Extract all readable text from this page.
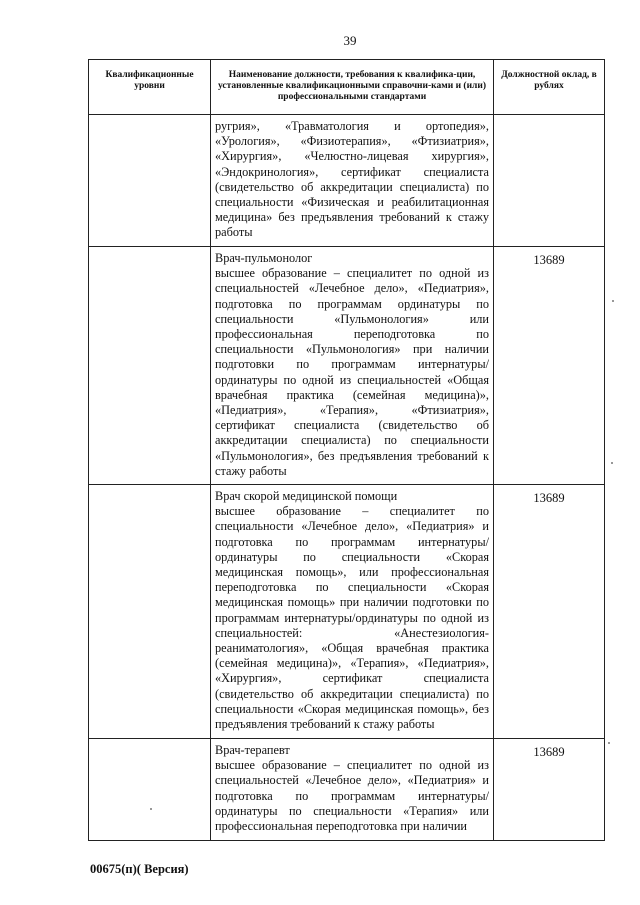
39
Квалификационные уровни	Наименование должности, требования к квалифика-ции, установленные квалификационными справочни-ками и (или) профессиональными стандартами	Должностной оклад, в рублях

	ругрия», «Травматология и ортопедия», «Урология», «Физиотерапия», «Фтизиатрия», «Хирургия», «Челюстно-лицевая хирургия», «Эндокринология», сертификат специалиста (свидетельство об аккредитации специалиста) по специальности «Физическая и реабилитационная медицина» без предъявления требований к стажу работы	

	Врач-пульмонолог
высшее образование – специалитет по одной из специальностей «Лечебное дело», «Педиатрия», подготовка по программам ординатуры по специальности «Пульмонология» или профессиональная переподготовка по специальности «Пульмонология» при наличии подготовки по программам интернатуры/ординатуры по одной из специальностей «Общая врачебная практика (семейная медицина)», «Педиатрия», «Терапия», «Фтизиатрия», сертификат специалиста (свидетельство об аккредитации специалиста) по специальности «Пульмонология», без предъявления требований к стажу работы	13689

	Врач скорой медицинской помощи
высшее образование – специалитет по специальности «Лечебное дело», «Педиатрия» и подготовка по программам интернатуры/ординатуры по специальности «Скорая медицинская помощь», или профессиональная переподготовка по специальности «Скорая медицинская помощь» при наличии подготовки по программам интернатуры/ординатуры по одной из специальностей: «Анестезиология-реаниматология», «Общая врачебная практика (семейная медицина)», «Терапия», «Педиатрия», «Хирургия», сертификат специалиста (свидетельство об аккредитации специалиста) по специальности «Скорая медицинская помощь», без предъявления требований к стажу работы	13689

	Врач-терапевт
высшее образование – специалитет по одной из специальностей «Лечебное дело», «Педиатрия» и подготовка по программам интернатуры/ординатуры по специальности «Терапия» или профессиональная переподготовка при наличии	13689
00675(п)( Версия)
